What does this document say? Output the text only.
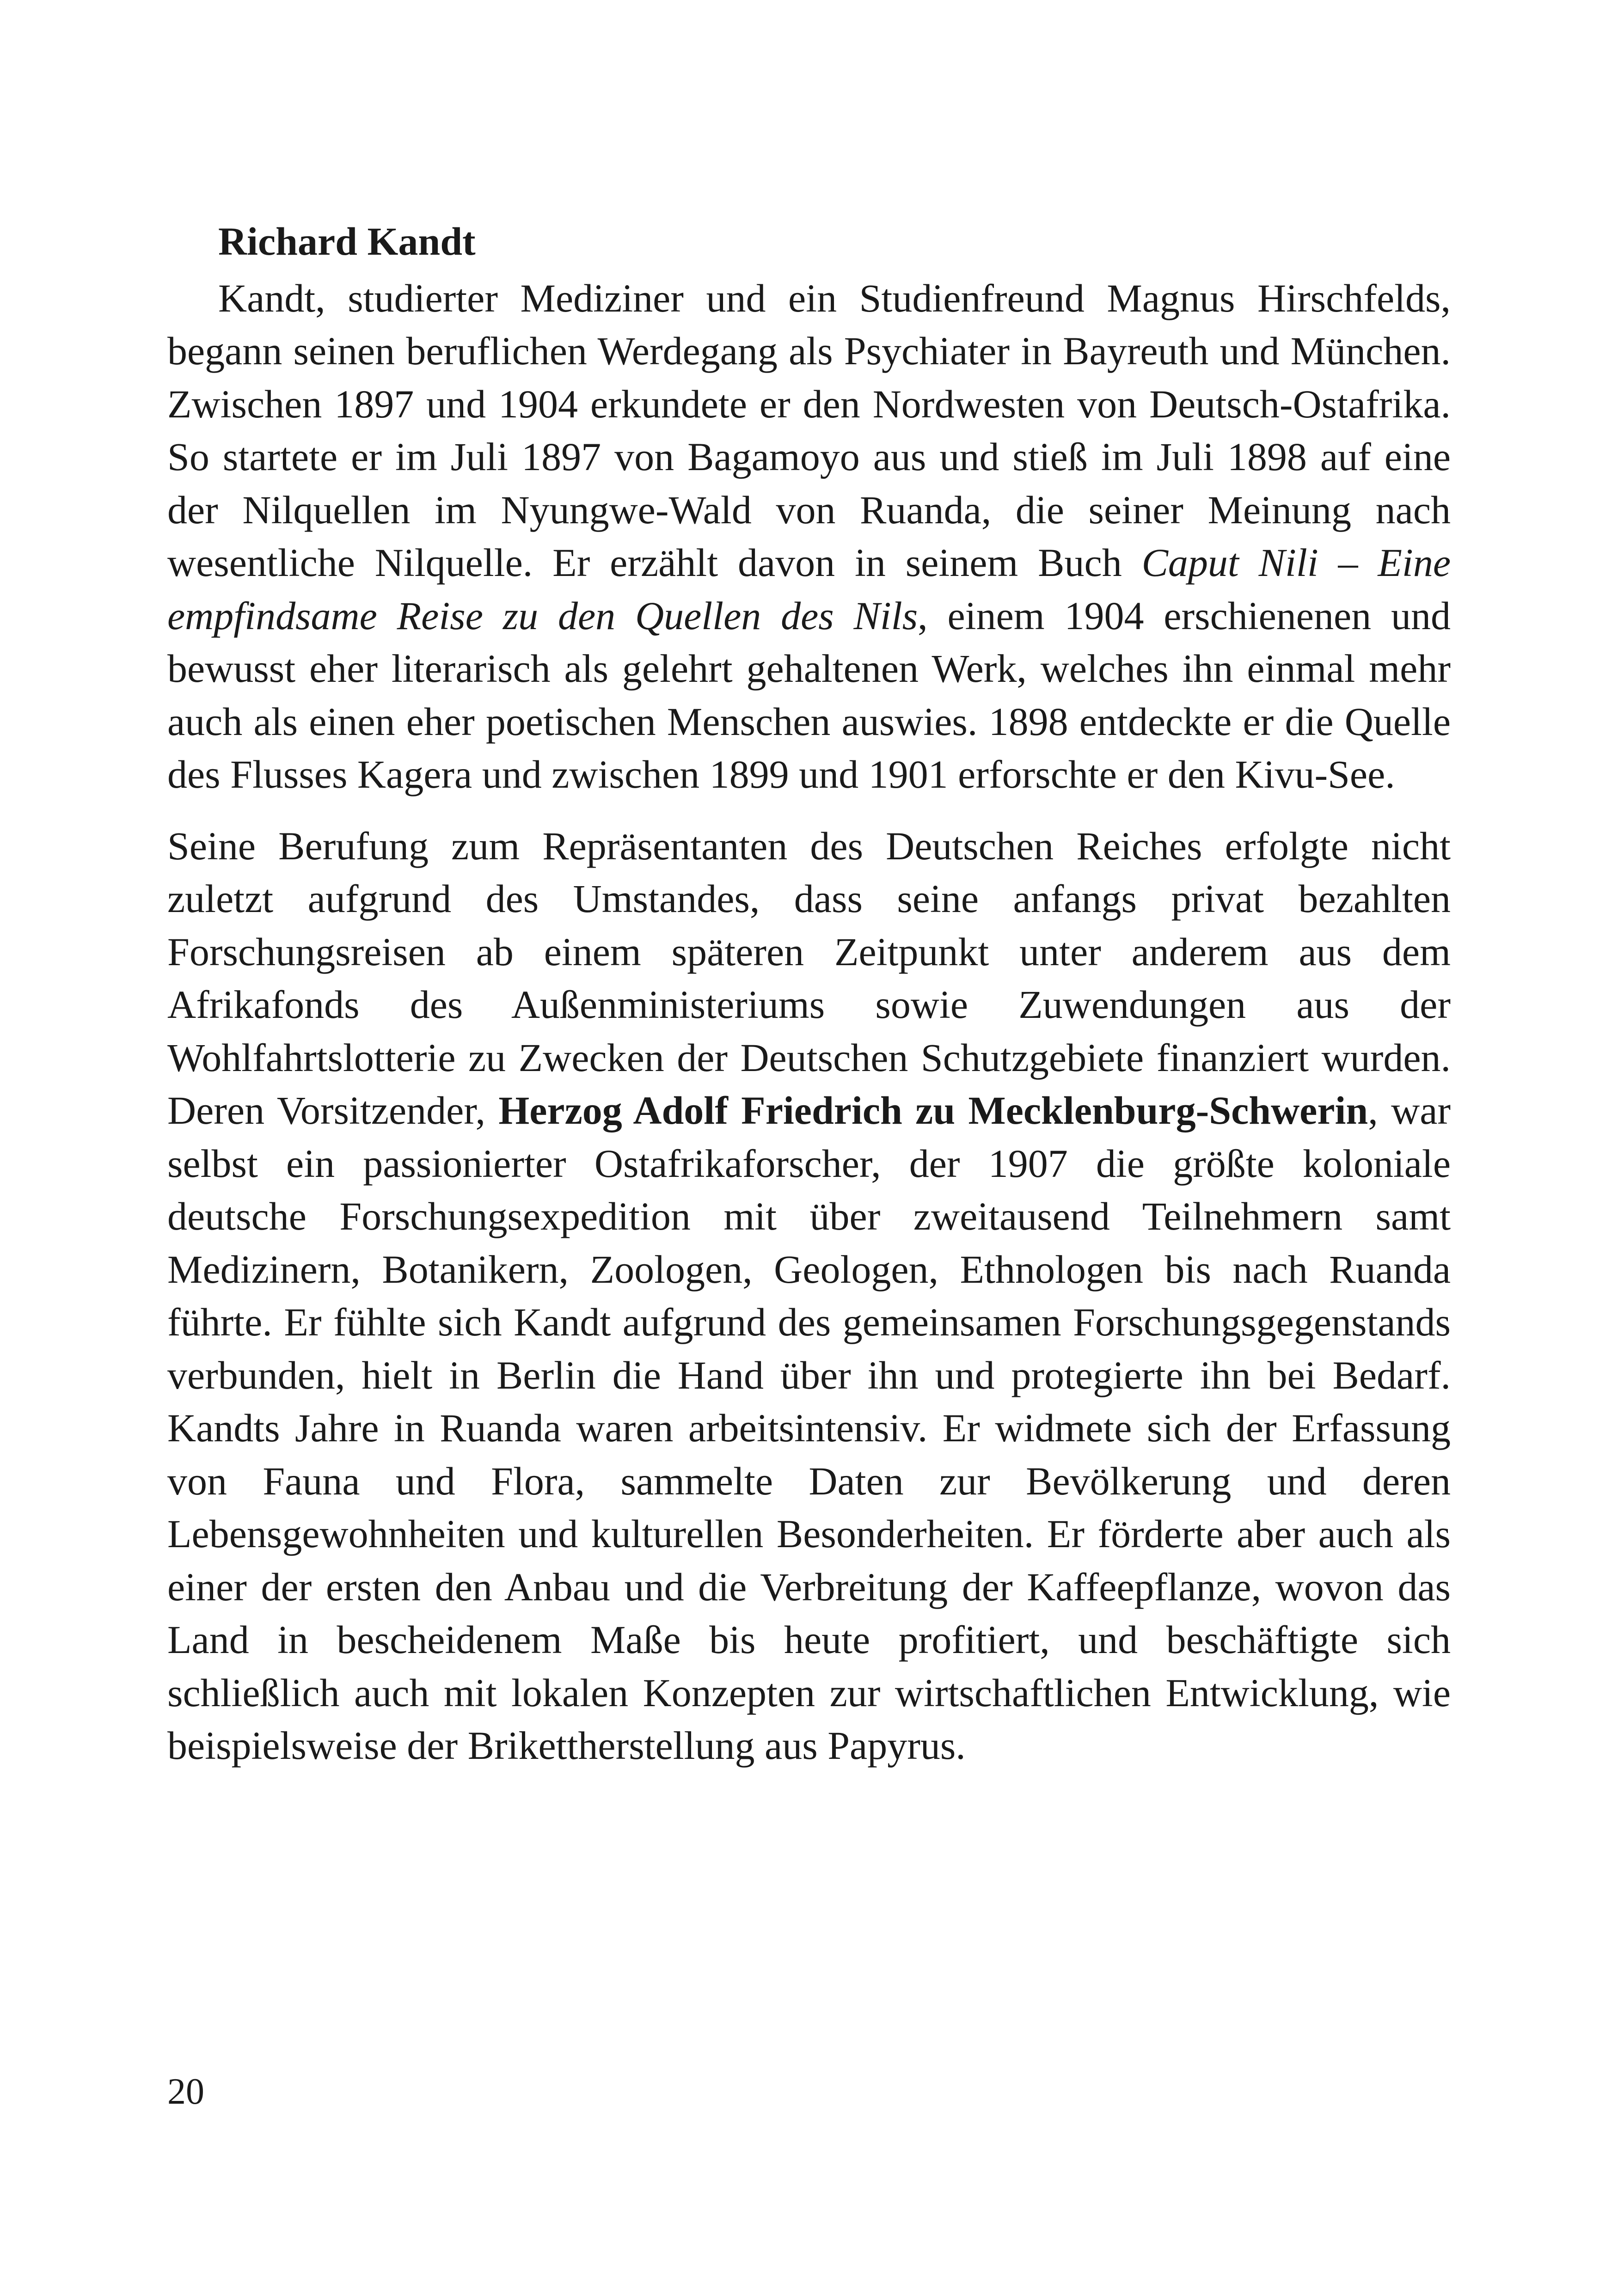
Richard Kandt

Kandt, studierter Mediziner und ein Studienfreund Magnus Hirschfelds, begann seinen beruflichen Werdegang als Psychiater in Bayreuth und München. Zwischen 1897 und 1904 erkundete er den Nordwesten von Deutsch-Ostafrika. So startete er im Juli 1897 von Bagamoyo aus und stieß im Juli 1898 auf eine der Nilquellen im Nyungwe-Wald von Ruanda, die seiner Meinung nach wesentliche Nilquelle. Er erzählt davon in seinem Buch Caput Nili – Eine empfindsame Reise zu den Quellen des Nils, einem 1904 erschienenen und bewusst eher literarisch als gelehrt gehaltenen Werk, welches ihn einmal mehr auch als einen eher poetischen Menschen auswies. 1898 entdeckte er die Quelle des Flusses Kagera und zwischen 1899 und 1901 erforschte er den Kivu-See.

Seine Berufung zum Repräsentanten des Deutschen Reiches erfolgte nicht zuletzt aufgrund des Umstandes, dass seine anfangs privat bezahlten Forschungsreisen ab einem späteren Zeitpunkt unter anderem aus dem Afrikafonds des Außenministeriums sowie Zuwendungen aus der Wohlfahrtslotterie zu Zwecken der Deutschen Schutzgebiete finanziert wurden. Deren Vorsitzender, Herzog Adolf Friedrich zu Mecklenburg-Schwerin, war selbst ein passionierter Ostafrikaforscher, der 1907 die größte koloniale deutsche Forschungsexpedition mit über zweitausend Teilnehmern samt Medizinern, Botanikern, Zoologen, Geologen, Ethnologen bis nach Ruanda führte. Er fühlte sich Kandt aufgrund des gemeinsamen Forschungsgegenstands verbunden, hielt in Berlin die Hand über ihn und protegierte ihn bei Bedarf. Kandts Jahre in Ruanda waren arbeitsintensiv. Er widmete sich der Erfassung von Fauna und Flora, sammelte Daten zur Bevölkerung und deren Lebensgewohnheiten und kulturellen Besonderheiten. Er förderte aber auch als einer der ersten den Anbau und die Verbreitung der Kaffeepflanze, wovon das Land in bescheidenem Maße bis heute profitiert, und beschäftigte sich schließlich auch mit lokalen Konzepten zur wirtschaftlichen Entwicklung, wie beispielsweise der Brikettherstellung aus Papyrus.

20
